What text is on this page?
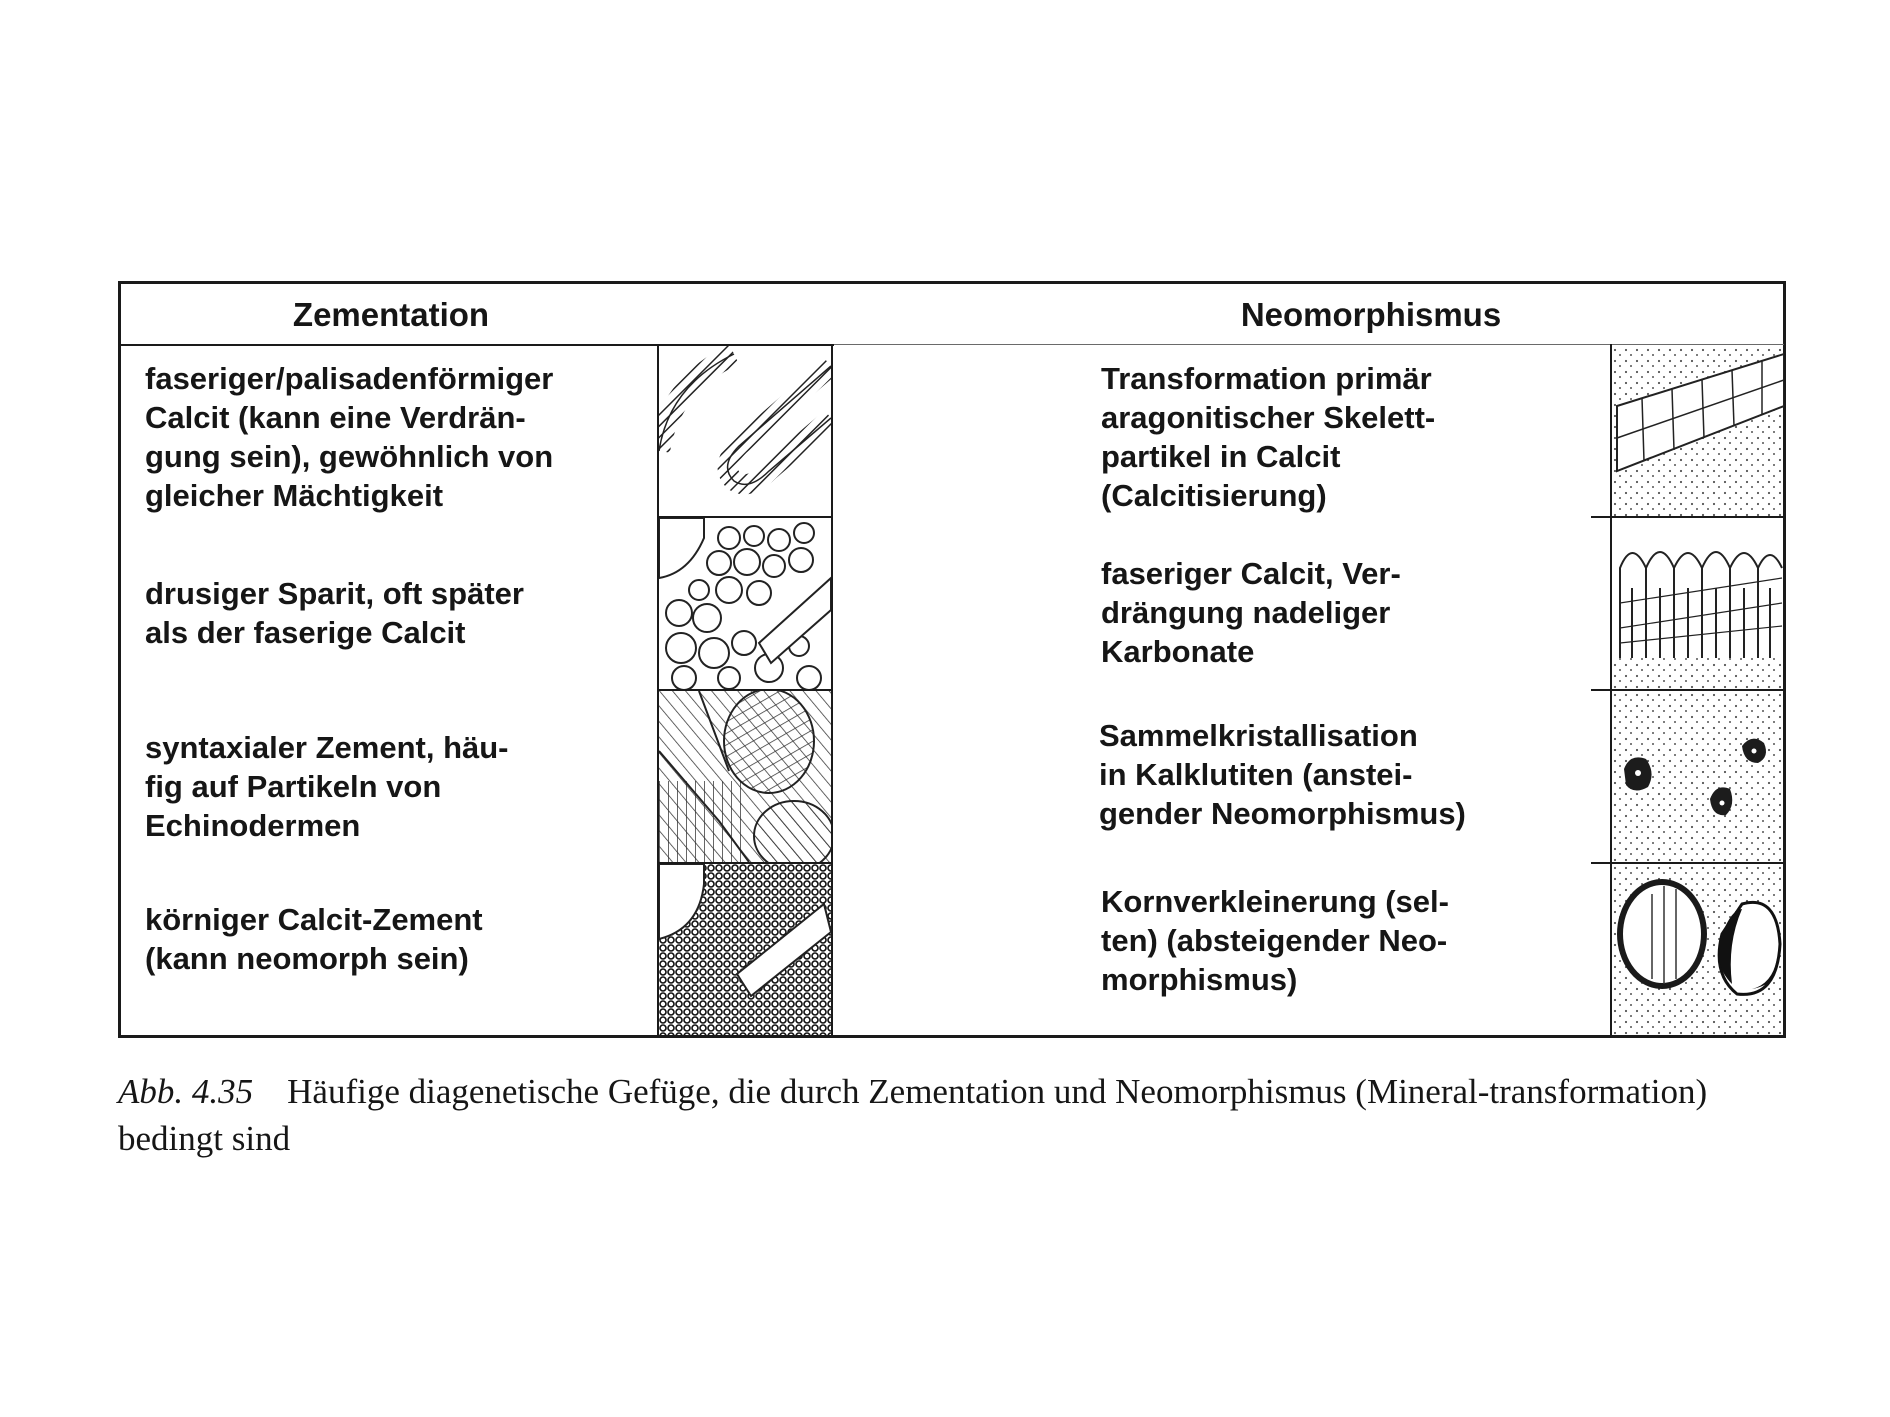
Zementation	Neomorphismus
faseriger/palisadenförmiger
Calcit (kann eine Verdrän-
gung sein), gewöhnlich von
gleicher Mächtigkeit
drusiger Sparit, oft später
als der faserige Calcit
syntaxialer Zement, häu-
fig auf Partikeln von
Echinodermen
körniger Calcit-Zement
(kann neomorph sein)
Transformation primär
aragonitischer Skelett-
partikel in Calcit
(Calcitisierung)
faseriger Calcit, Ver-
drängung nadeliger
Karbonate
Sammelkristallisation
in Kalklutiten (anstei-
gender Neomorphismus)
Kornverkleinerung (sel-
ten) (absteigender Neo-
morphismus)
Abb. 4.35 Häufige diagenetische Gefüge, die durch Zementation und Neomorphismus (Mineral-transformation) bedingt sind
